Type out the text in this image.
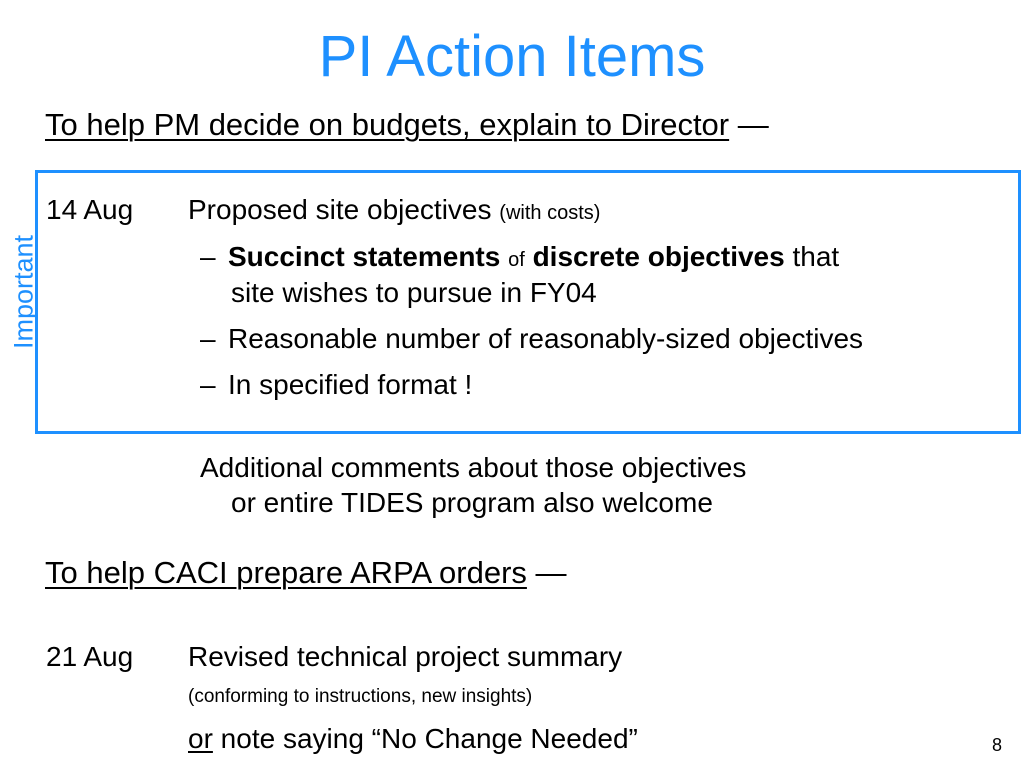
PI Action Items
To help PM decide on budgets, explain to Director —
Important
14 Aug Proposed site objectives (with costs)
– Succinct statements of discrete objectives that
site wishes to pursue in FY04
– Reasonable number of reasonably-sized objectives
– In specified format !
Additional comments about those objectives
or entire TIDES program also welcome
To help CACI prepare ARPA orders —
21 Aug Revised technical project summary
(conforming to instructions, new insights)
or note saying “No Change Needed”	8
